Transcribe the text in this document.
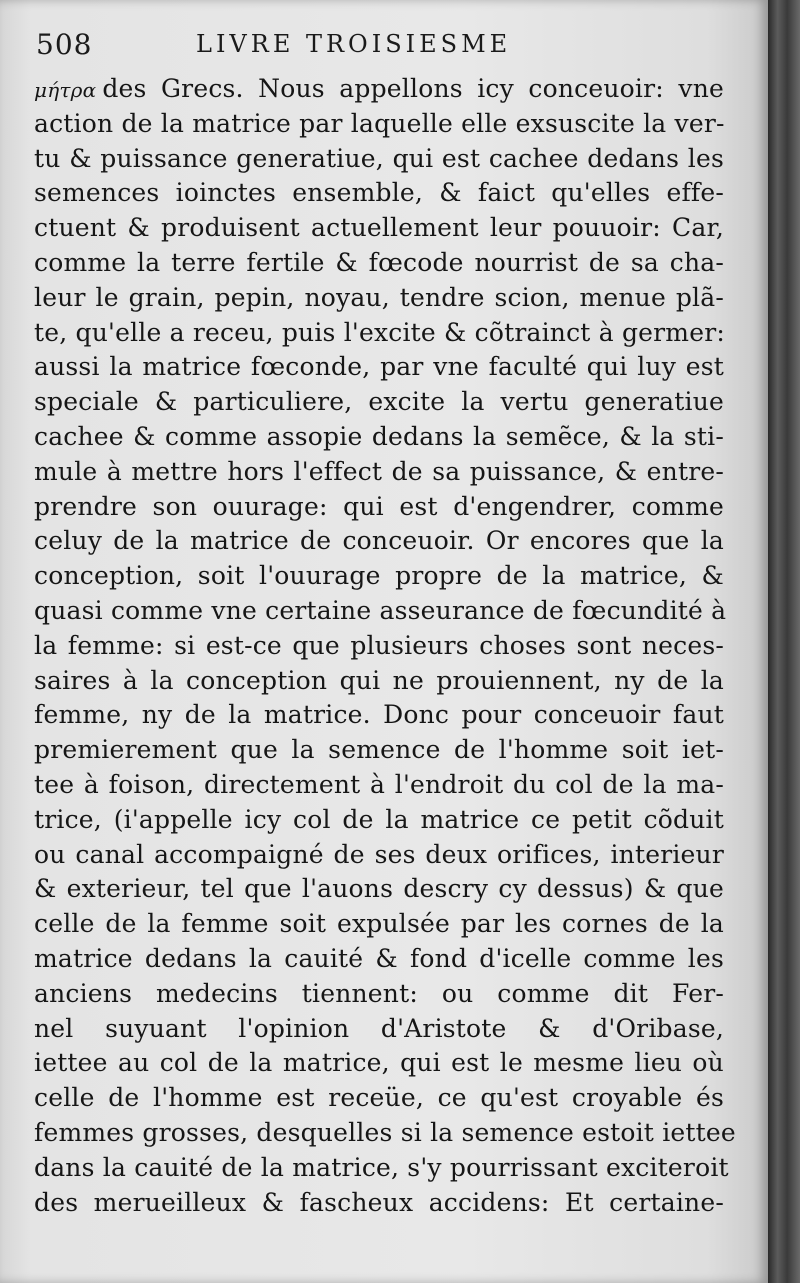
508	LIVRE TROISIESME
μήτρα des Grecs. Nous appellons icy conceuoir: vne
action de la matrice par laquelle elle exsuscite la ver-
tu & puissance generatiue, qui est cachee dedans les
semences ioinctes ensemble, & faict qu'elles effe-
ctuent & produisent actuellement leur pouuoir: Car,
comme la terre fertile & fœcode nourrist de sa cha-
leur le grain, pepin, noyau, tendre scion, menue plã-
te, qu'elle a receu, puis l'excite & cõtrainct à germer:
aussi la matrice fœconde, par vne faculté qui luy est
speciale & particuliere, excite la vertu generatiue
cachee & comme assopie dedans la semẽce, & la sti-
mule à mettre hors l'effect de sa puissance, & entre-
prendre son ouurage: qui est d'engendrer, comme
celuy de la matrice de conceuoir. Or encores que la
conception, soit l'ouurage propre de la matrice, &
quasi comme vne certaine asseurance de fœcundité à
la femme: si est-ce que plusieurs choses sont neces-
saires à la conception qui ne prouiennent, ny de la
femme, ny de la matrice. Donc pour conceuoir faut
premierement que la semence de l'homme soit iet-
tee à foison, directement à l'endroit du col de la ma-
trice, (i'appelle icy col de la matrice ce petit cõduit
ou canal accompaigné de ses deux orifices, interieur
& exterieur, tel que l'auons descry cy dessus) & que
celle de la femme soit expulsée par les cornes de la
matrice dedans la cauité & fond d'icelle comme les
anciens medecins tiennent: ou comme dit Fer-
nel suyuant l'opinion d'Aristote & d'Oribase,
iettee au col de la matrice, qui est le mesme lieu où
celle de l'homme est receüe, ce qu'est croyable és
femmes grosses, desquelles si la semence estoit iettee
dans la cauité de la matrice, s'y pourrissant exciteroit
des merueilleux & fascheux accidens: Et certaine-
